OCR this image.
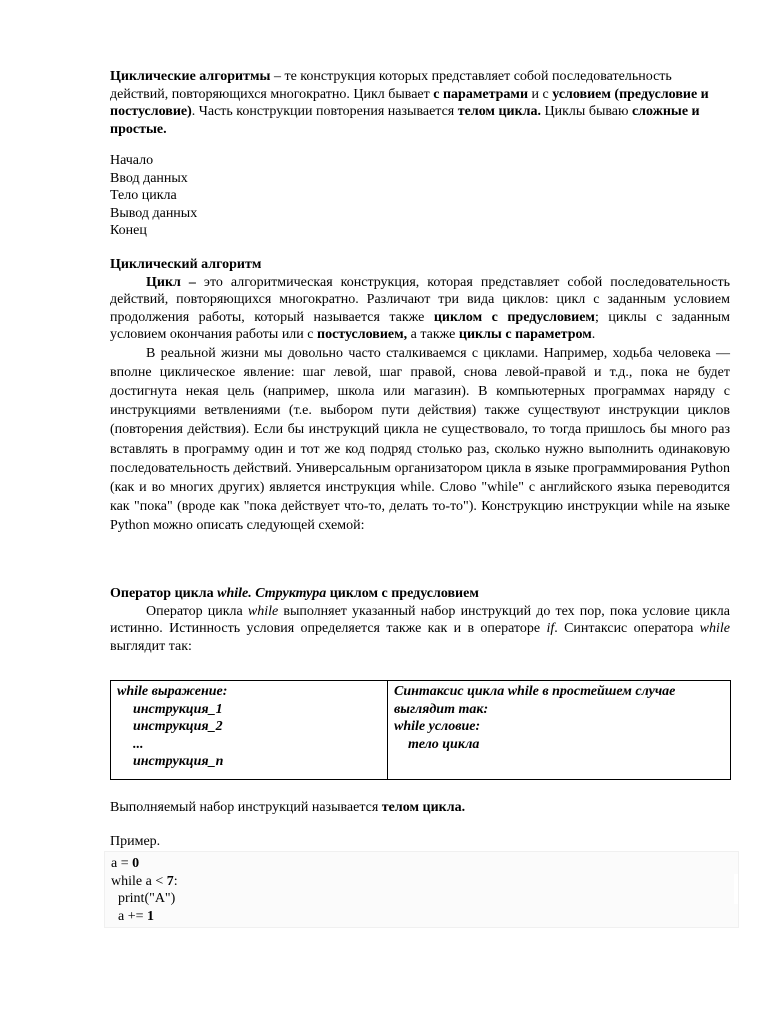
Циклические алгоритмы – те конструкция которых представляет собой последовательность действий, повторяющихся многократно. Цикл бывает с параметрами и с условием (предусловие и постусловие). Часть конструкции повторения называется телом цикла. Циклы бываю сложные и простые.

Начало
Ввод данных
Тело цикла
Вывод данных
Конец

Циклический алгоритм

Цикл – это алгоритмическая конструкция, которая представляет собой последовательность действий, повторяющихся многократно. Различают три вида циклов: цикл с заданным условием продолжения работы, который называется также циклом с предусловием; циклы с заданным условием окончания работы или с постусловием, а также циклы с параметром.

В реальной жизни мы довольно часто сталкиваемся с циклами. Например, ходьба человека — вполне циклическое явление: шаг левой, шаг правой, снова левой-правой и т.д., пока не будет достигнута некая цель (например, школа или магазин). В компьютерных программах наряду с инструкциями ветвлениями (т.е. выбором пути действия) также существуют инструкции циклов (повторения действия). Если бы инструкций цикла не существовало, то тогда пришлось бы много раз вставлять в программу один и тот же код подряд столько раз, сколько нужно выполнить одинаковую последовательность действий. Универсальным организатором цикла в языке программирования Python (как и во многих других) является инструкция while. Слово "while" с английского языка переводится как "пока" (вроде как "пока действует что-то, делать то-то"). Конструкцию инструкции while на языке Python можно описать следующей схемой:

Оператор цикла while. Структура циклом с предусловием

Оператор цикла while выполняет указанный набор инструкций до тех пор, пока условие цикла истинно. Истинность условия определяется также как и в операторе if. Синтаксис оператора while выглядит так:

while выражение:
инструкция_1
инструкция_2
...
инструкция_n

Синтаксис цикла while в простейшем случае выглядит так:
while условие:
тело цикла

Выполняемый набор инструкций называется телом цикла.

Пример.

a = 0
while a < 7:
print("A")
a += 1
